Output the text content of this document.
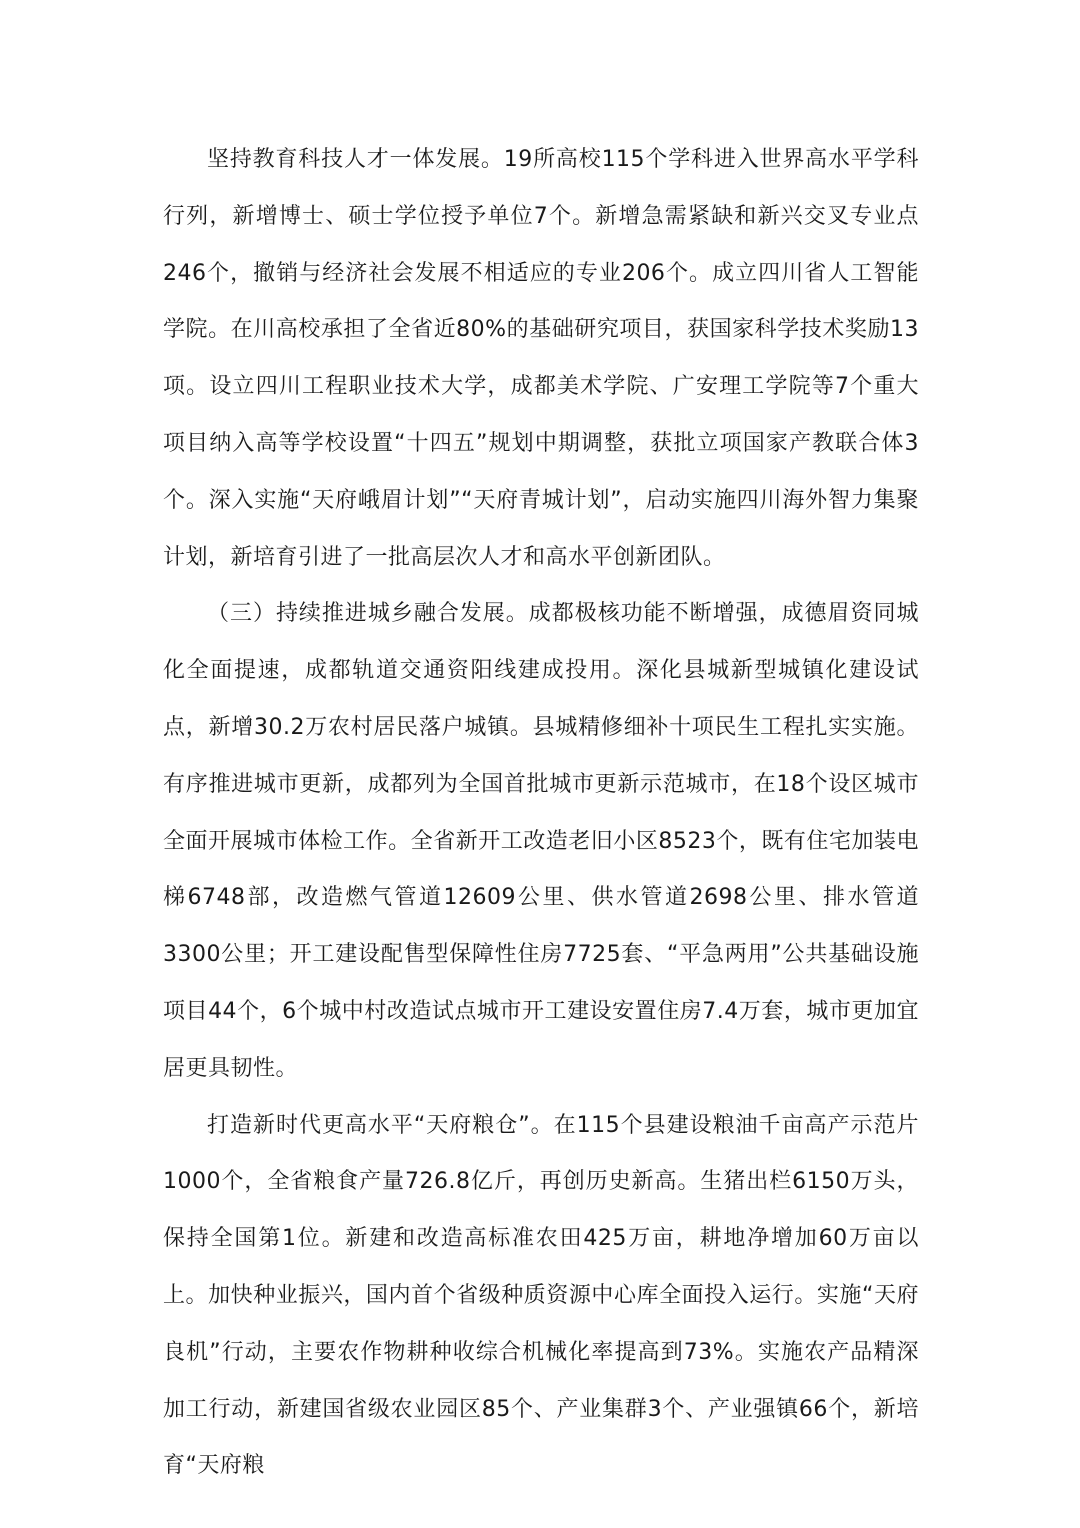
坚持教育科技人才一体发展。19所高校115个学科进入世界高水平学科行列，新增博士、硕士学位授予单位7个。新增急需紧缺和新兴交叉专业点246个，撤销与经济社会发展不相适应的专业206个。成立四川省人工智能学院。在川高校承担了全省近80%的基础研究项目，获国家科学技术奖励13项。设立四川工程职业技术大学，成都美术学院、广安理工学院等7个重大项目纳入高等学校设置“十四五”规划中期调整，获批立项国家产教联合体3个。深入实施“天府峨眉计划”“天府青城计划”，启动实施四川海外智力集聚计划，新培育引进了一批高层次人才和高水平创新团队。

（三）持续推进城乡融合发展。成都极核功能不断增强，成德眉资同城化全面提速，成都轨道交通资阳线建成投用。深化县城新型城镇化建设试点，新增30.2万农村居民落户城镇。县城精修细补十项民生工程扎实实施。有序推进城市更新，成都列为全国首批城市更新示范城市，在18个设区城市全面开展城市体检工作。全省新开工改造老旧小区8523个，既有住宅加装电梯6748部，改造燃气管道12609公里、供水管道2698公里、排水管道3300公里；开工建设配售型保障性住房7725套、“平急两用”公共基础设施项目44个，6个城中村改造试点城市开工建设安置住房7.4万套，城市更加宜居更具韧性。

打造新时代更高水平“天府粮仓”。在115个县建设粮油千亩高产示范片1000个，全省粮食产量726.8亿斤，再创历史新高。生猪出栏6150万头，保持全国第1位。新建和改造高标准农田425万亩，耕地净增加60万亩以上。加快种业振兴，国内首个省级种质资源中心库全面投入运行。实施“天府良机”行动，主要农作物耕种收综合机械化率提高到73%。实施农产品精深加工行动，新建国省级农业园区85个、产业集群3个、产业强镇66个，新培育“天府粮
